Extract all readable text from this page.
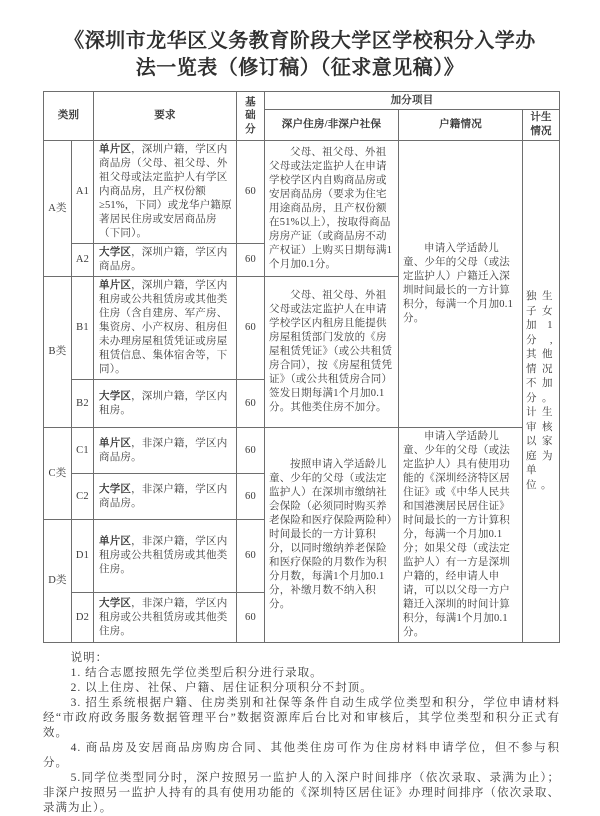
《深圳市龙华区义务教育阶段大学区学校积分入学办
法一览表（修订稿）（征求意见稿）》
类别		要求	基础分	加分项目		
				深户住房/非深户社保	户籍情况	计生情况

A类	A1	单片区，深圳户籍，学区内商品房（父母、祖父母、外祖父母或法定监护人有学区内商品房，且产权份额≥51%，下同）或龙华户籍原著居民住房或安居商品房（下同）。	60	父母、祖父母、外祖父母或法定监护人在申请学校学区内自购商品房或安居商品房（要求为住宅用途商品房，且产权份额在51%以上），按取得商品房房产证（或商品房不动产权证）上购买日期每满1个月加0.1分。	申请入学适龄儿童、少年的父母（或法定监护人）户籍迁入深圳时间最长的一方计算积分，每满一个月加0.1分。	独生子女加1分,其他情况不加分。计生审核以家庭为单位。

	A2	大学区，深圳户籍，学区内商品房。	60			
B类	B1	单片区，深圳户籍，学区内租房或公共租赁房或其他类住房（含自建房、军产房、集资房、小产权房、租房但未办理房屋租赁凭证或房屋租赁信息、集体宿舍等，下同）。	60	父母、祖父母、外祖父母或法定监护人在申请学校学区内租房且能提供房屋租赁部门发放的《房屋租赁凭证》（或公共租赁房合同），按《房屋租赁凭证》（或公共租赁房合同）签发日期每满1个月加0.1分。其他类住房不加分。		
	B2	大学区，深圳户籍，学区内租房。	60			
C类	C1	单片区，非深户籍，学区内商品房。	60	按照申请入学适龄儿童、少年的父母（或法定监护人）在深圳市缴纳社会保险（必须同时购买养老保险和医疗保险两险种）时间最长的一方计算积分，以同时缴纳养老保险和医疗保险的月数作为积分月数，每满1个月加0.1分，补缴月数不纳入积分。	申请入学适龄儿童、少年的父母（或法定监护人）具有使用功能的《深圳经济特区居住证》或《中华人民共和国港澳居民居住证》时间最长的一方计算积分，每满一个月加0.1分；如果父母（或法定监护人）有一方是深圳户籍的，经申请人申请，可以以父母一方户籍迁入深圳的时间计算积分，每满1个月加0.1分。	
	C2	大学区，非深户籍，学区内商品房。	60			
D类	D1	单片区，非深户籍，学区内租房或公共租赁房或其他类住房。	60			
	D2	大学区，非深户籍，学区内租房或公共租赁房或其他类住房。	60			
说明：
1. 结合志愿按照先学位类型后积分进行录取。
2. 以上住房、社保、户籍、居住证积分项积分不封顶。
3. 招生系统根据户籍、住房类别和社保等条件自动生成学位类型和积分，学位申请材料经“市政府政务服务数据管理平台”数据资源库后台比对和审核后，其学位类型和积分正式有效。
4. 商品房及安居商品房购房合同、其他类住房可作为住房材料申请学位，但不参与积分。
5.同学位类型同分时，深户按照另一监护人的入深户时间排序（依次录取、录满为止）；非深户按照另一监护人持有的具有使用功能的《深圳特区居住证》办理时间排序（依次录取、录满为止）。
